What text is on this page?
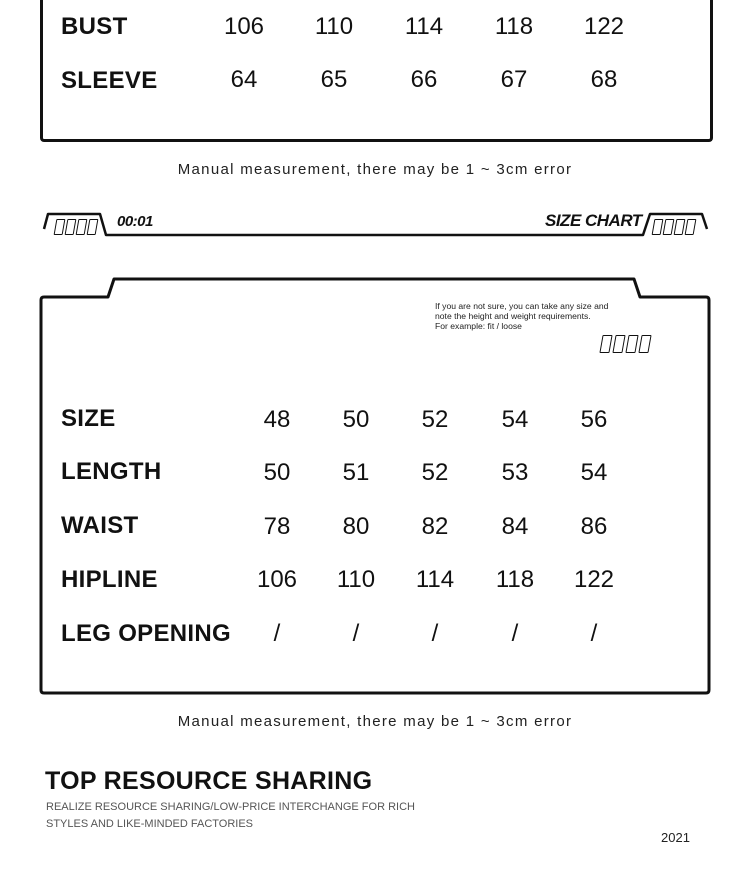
BUST	106	110	114	118	122
SLEEVE	64	65	66	67	68
Manual measurement, there may be 1 ~ 3cm error
00:01	SIZE CHART
If you are not sure, you can take any size and
note the height and weight requirements.
For example: fit / loose
SIZE	48	50	52	54	56
LENGTH	50	51	52	53	54
WAIST	78	80	82	84	86
HIPLINE	106	110	114	118	122
LEG OPENING	/	/	/	/	/
Manual measurement, there may be 1 ~ 3cm error
TOP RESOURCE SHARING
REALIZE RESOURCE SHARING/LOW-PRICE INTERCHANGE FOR RICH
STYLES AND LIKE-MINDED FACTORIES
2021
